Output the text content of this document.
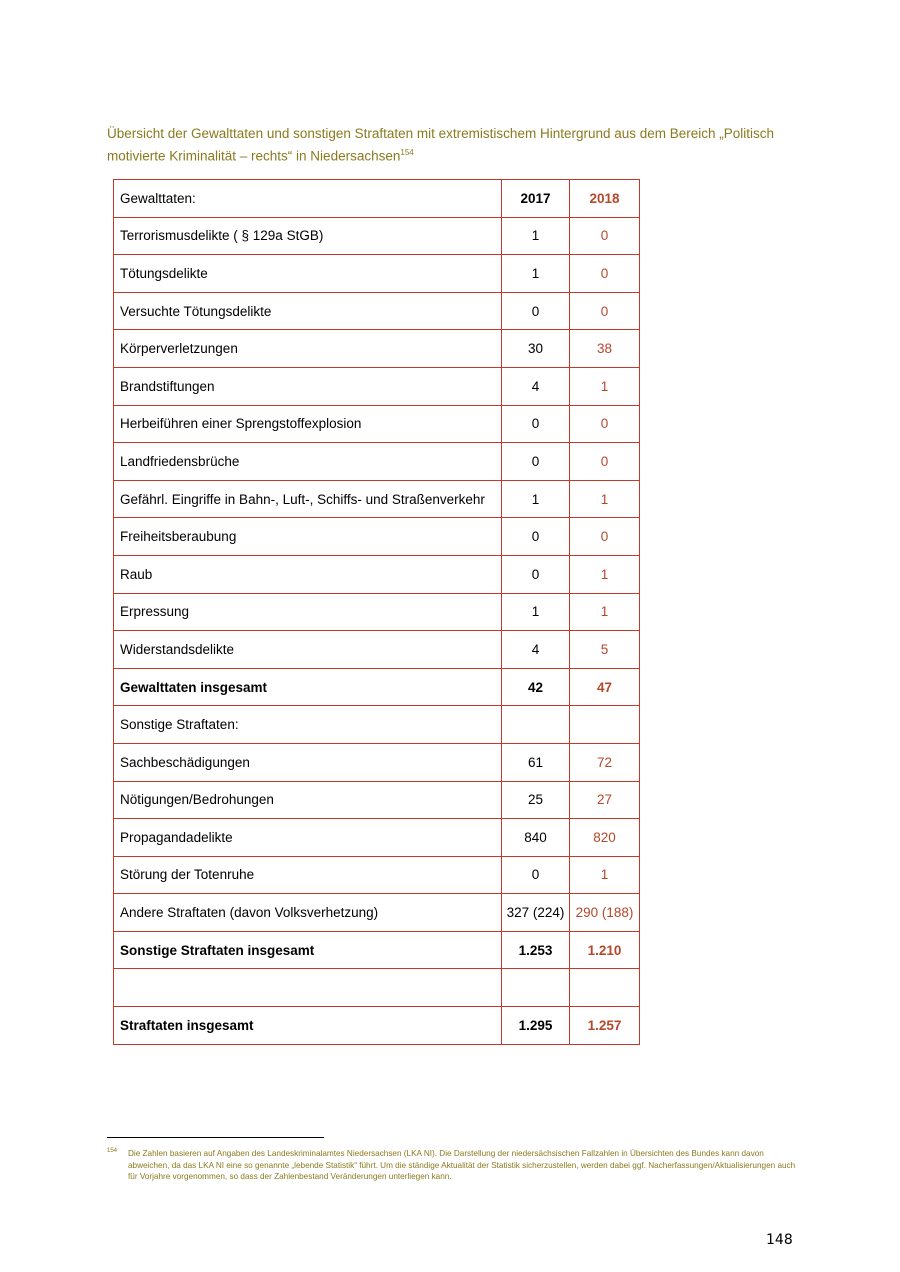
Übersicht der Gewalttaten und sonstigen Straftaten mit extremistischem Hintergrund aus dem Bereich „Politisch motivierte Kriminalität – rechts“ in Niedersachsen$^{154}$
Gewalttaten:	2017	2018
Terrorismusdelikte ( § 129a StGB)	1	0
Tötungsdelikte	1	0
Versuchte Tötungsdelikte	0	0
Körperverletzungen	30	38
Brandstiftungen	4	1
Herbeiführen einer Sprengstoffexplosion	0	0
Landfriedensbrüche	0	0
Gefährl. Eingriffe in Bahn-, Luft-, Schiffs- und Straßenverkehr	1	1
Freiheitsberaubung	0	0
Raub	0	1
Erpressung	1	1
Widerstandsdelikte	4	5
Gewalttaten insgesamt	42	47
Sonstige Straftaten:		
Sachbeschädigungen	61	72
Nötigungen/Bedrohungen	25	27
Propagandadelikte	840	820
Störung der Totenruhe	0	1
Andere Straftaten (davon Volksverhetzung)	327 (224)	290 (188)
Sonstige Straftaten insgesamt	1.253	1.210

Straftaten insgesamt	1.295	1.257
154 Die Zahlen basieren auf Angaben des Landeskriminalamtes Niedersachsen (LKA NI). Die Darstellung der niedersächsischen Fallzahlen in Übersichten des Bundes kann davon abweichen, da das LKA NI eine so genannte „lebende Statistik“ führt. Um die ständige Aktualität der Statistik sicherzustellen, werden dabei ggf. Nacherfassungen/Aktualisierungen auch für Vorjahre vorgenommen, so dass der Zahlenbestand Veränderungen unterliegen kann.
148
